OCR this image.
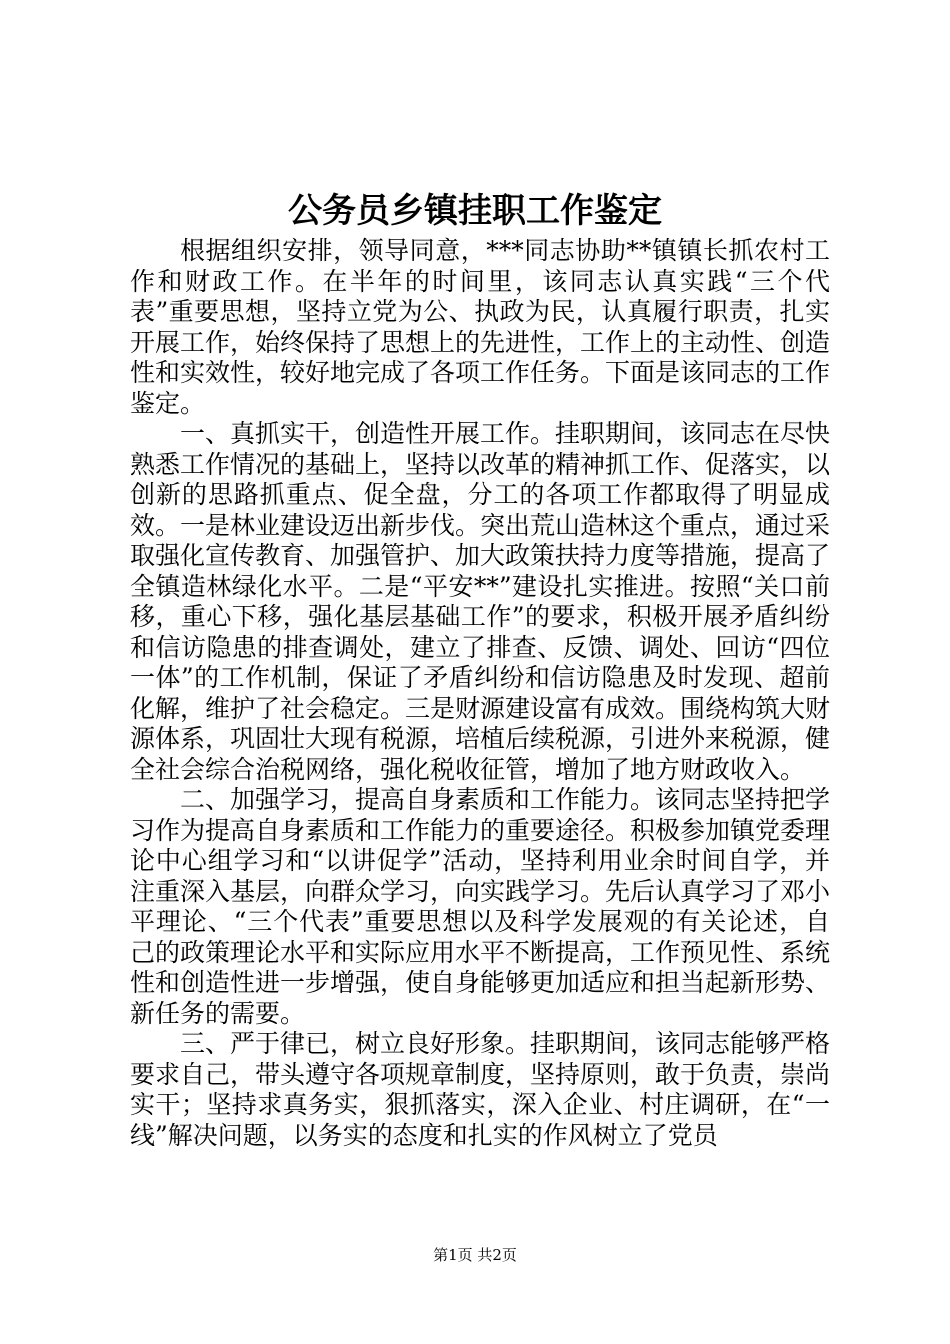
公务员乡镇挂职工作鉴定

根据组织安排，领导同意，***同志协助**镇镇长抓农村工作和财政工作。在半年的时间里，该同志认真实践“三个代表”重要思想，坚持立党为公、执政为民，认真履行职责，扎实开展工作，始终保持了思想上的先进性，工作上的主动性、创造性和实效性，较好地完成了各项工作任务。下面是该同志的工作鉴定。

一、真抓实干，创造性开展工作。挂职期间，该同志在尽快熟悉工作情况的基础上，坚持以改革的精神抓工作、促落实，以创新的思路抓重点、促全盘，分工的各项工作都取得了明显成效。一是林业建设迈出新步伐。突出荒山造林这个重点，通过采取强化宣传教育、加强管护、加大政策扶持力度等措施，提高了全镇造林绿化水平。二是“平安**”建设扎实推进。按照“关口前移，重心下移，强化基层基础工作”的要求，积极开展矛盾纠纷和信访隐患的排查调处，建立了排查、反馈、调处、回访“四位一体”的工作机制，保证了矛盾纠纷和信访隐患及时发现、超前化解，维护了社会稳定。三是财源建设富有成效。围绕构筑大财源体系，巩固壮大现有税源，培植后续税源，引进外来税源，健全社会综合治税网络，强化税收征管，增加了地方财政收入。

二、加强学习，提高自身素质和工作能力。该同志坚持把学习作为提高自身素质和工作能力的重要途径。积极参加镇党委理论中心组学习和“以讲促学”活动，坚持利用业余时间自学，并注重深入基层，向群众学习，向实践学习。先后认真学习了邓小平理论、“三个代表”重要思想以及科学发展观的有关论述，自己的政策理论水平和实际应用水平不断提高，工作预见性、系统性和创造性进一步增强，使自身能够更加适应和担当起新形势、新任务的需要。

三、严于律已，树立良好形象。挂职期间，该同志能够严格要求自己，带头遵守各项规章制度，坚持原则，敢于负责，崇尚实干；坚持求真务实，狠抓落实，深入企业、村庄调研，在“一线”解决问题，以务实的态度和扎实的作风树立了党员

第1页 共2页
